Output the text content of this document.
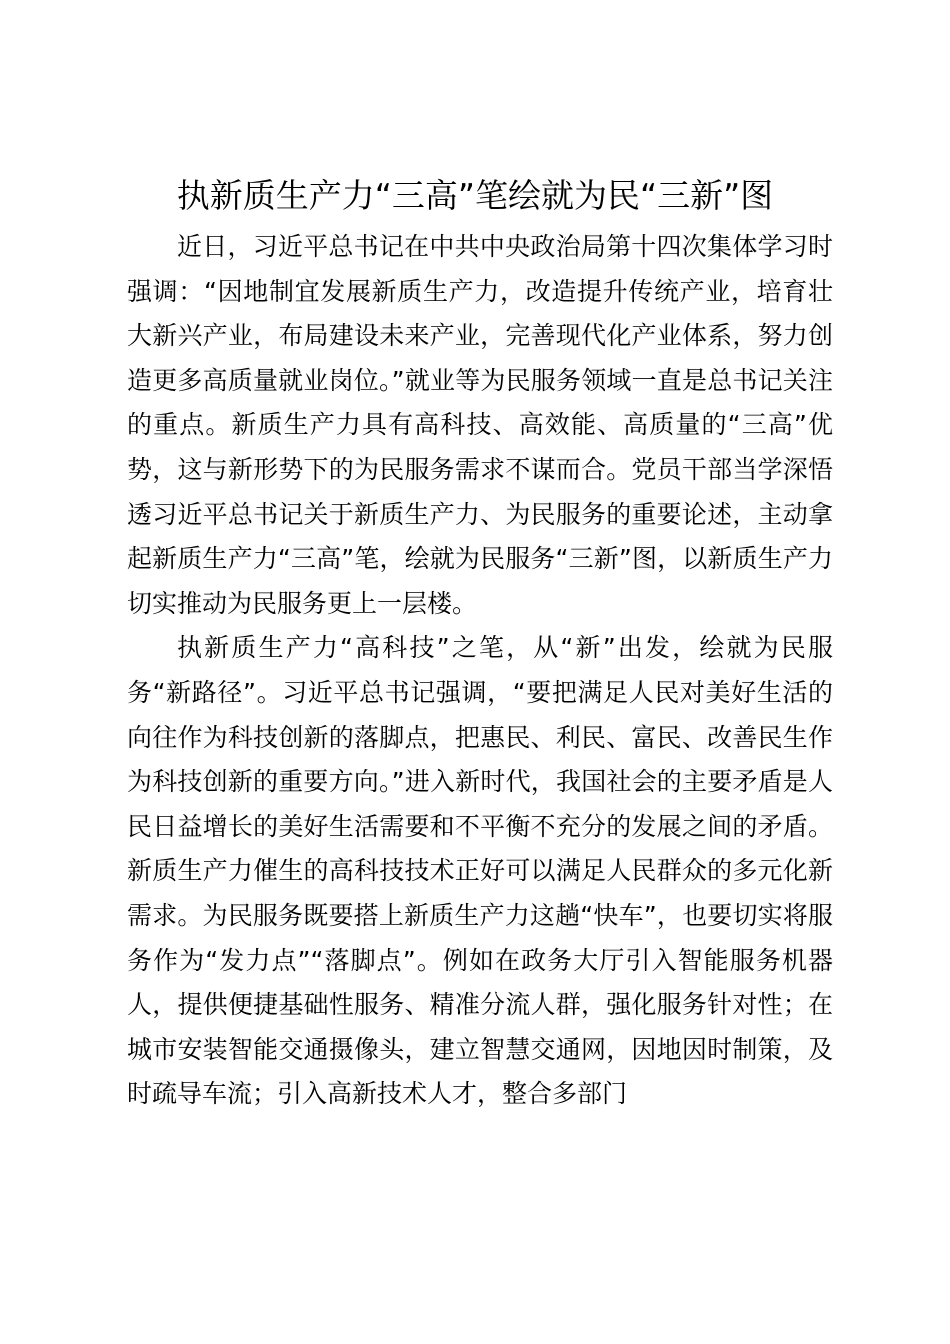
执新质生产力“三高”笔绘就为民“三新”图

近日，习近平总书记在中共中央政治局第十四次集体学习时强调：“因地制宜发展新质生产力，改造提升传统产业，培育壮大新兴产业，布局建设未来产业，完善现代化产业体系，努力创造更多高质量就业岗位。”就业等为民服务领域一直是总书记关注的重点。新质生产力具有高科技、高效能、高质量的“三高”优势，这与新形势下的为民服务需求不谋而合。党员干部当学深悟透习近平总书记关于新质生产力、为民服务的重要论述，主动拿起新质生产力“三高”笔，绘就为民服务“三新”图，以新质生产力切实推动为民服务更上一层楼。

执新质生产力“高科技”之笔，从“新”出发，绘就为民服务“新路径”。习近平总书记强调，“要把满足人民对美好生活的向往作为科技创新的落脚点，把惠民、利民、富民、改善民生作为科技创新的重要方向。”进入新时代，我国社会的主要矛盾是人民日益增长的美好生活需要和不平衡不充分的发展之间的矛盾。新质生产力催生的高科技技术正好可以满足人民群众的多元化新需求。为民服务既要搭上新质生产力这趟“快车”，也要切实将服务作为“发力点”“落脚点”。例如在政务大厅引入智能服务机器人，提供便捷基础性服务、精准分流人群，强化服务针对性；在城市安装智能交通摄像头，建立智慧交通网，因地因时制策，及时疏导车流；引入高新技术人才，整合多部门
